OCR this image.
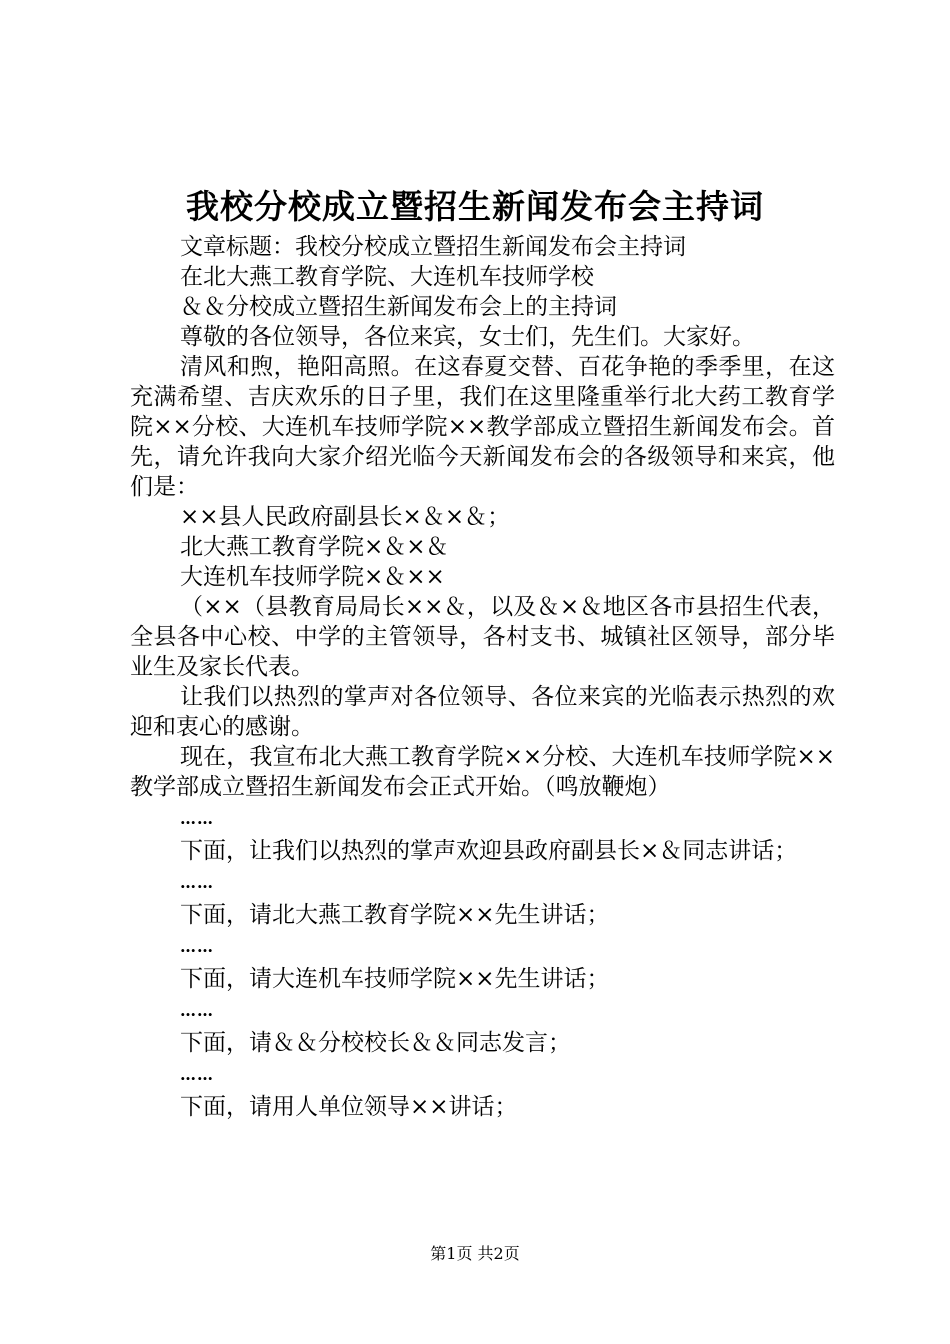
我校分校成立暨招生新闻发布会主持词

文章标题：我校分校成立暨招生新闻发布会主持词

在北大燕工教育学院、大连机车技师学校

＆＆分校成立暨招生新闻发布会上的主持词

尊敬的各位领导，各位来宾，女士们，先生们。大家好。

清风和煦，艳阳高照。在这春夏交替、百花争艳的季季里，在这充满希望、吉庆欢乐的日子里，我们在这里隆重举行北大药工教育学院××分校、大连机车技师学院××教学部成立暨招生新闻发布会。首先，请允许我向大家介绍光临今天新闻发布会的各级领导和来宾，他们是：

××县人民政府副县长×＆×＆；

北大燕工教育学院×＆×＆

大连机车技师学院×＆××

（××（县教育局局长××＆，以及＆×＆地区各市县招生代表，全县各中心校、中学的主管领导，各村支书、城镇社区领导，部分毕业生及家长代表。

让我们以热烈的掌声对各位领导、各位来宾的光临表示热烈的欢迎和衷心的感谢。

现在，我宣布北大燕工教育学院××分校、大连机车技师学院××教学部成立暨招生新闻发布会正式开始。（鸣放鞭炮）

……

下面，让我们以热烈的掌声欢迎县政府副县长×＆同志讲话；

……

下面，请北大燕工教育学院××先生讲话；

……

下面，请大连机车技师学院××先生讲话；

……

下面，请＆＆分校校长＆＆同志发言；

……

下面，请用人单位领导××讲话；

第1页 共2页
